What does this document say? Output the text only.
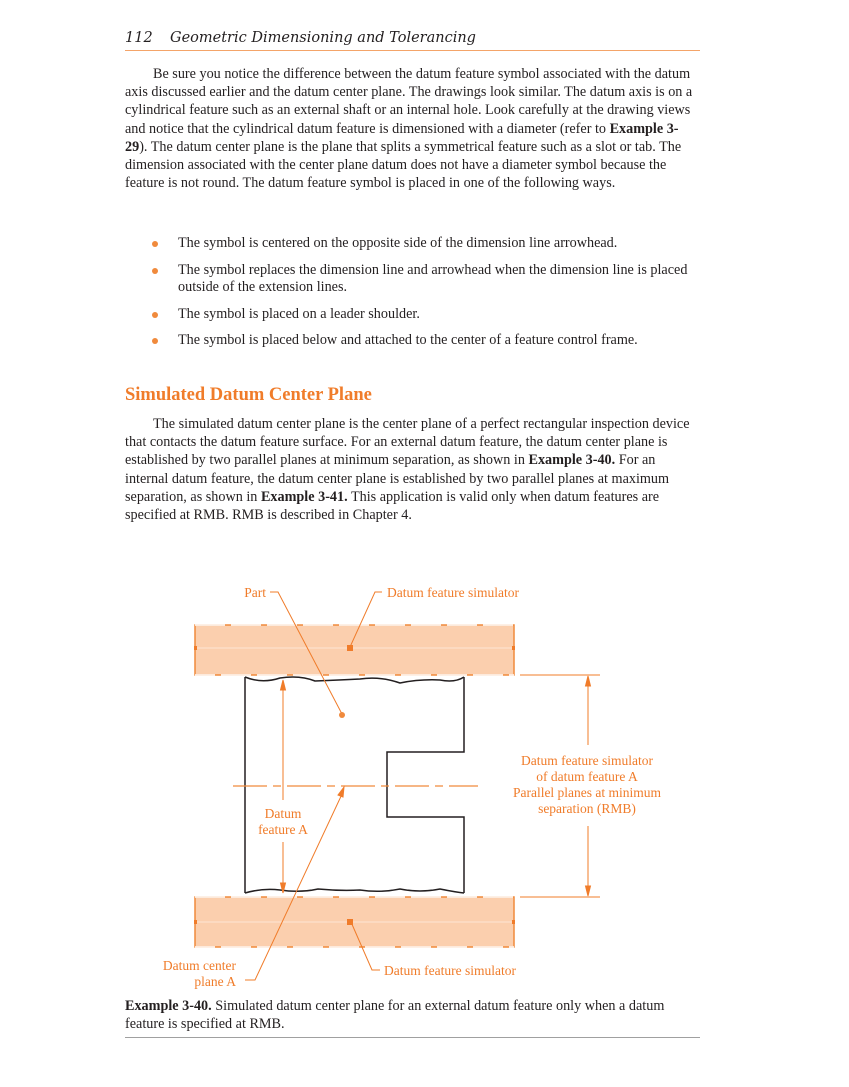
112 Geometric Dimensioning and Tolerancing
Be sure you notice the difference between the datum feature symbol associated with the datum axis discussed earlier and the datum center plane. The drawings look similar. The datum axis is on a cylindrical feature such as an external shaft or an internal hole. Look carefully at the drawing views and notice that the cylindrical datum feature is dimensioned with a diameter (refer to Example 3-29). The datum center plane is the plane that splits a symmetrical feature such as a slot or tab. The dimension associated with the center plane datum does not have a diameter symbol because the feature is not round. The datum feature symbol is placed in one of the following ways.
The symbol is centered on the opposite side of the dimension line arrowhead.
The symbol replaces the dimension line and arrowhead when the dimension line is placed outside of the extension lines.
The symbol is placed on a leader shoulder.
The symbol is placed below and attached to the center of a feature control frame.
Simulated Datum Center Plane
The simulated datum center plane is the center plane of a perfect rectangular inspection device that contacts the datum feature surface. For an external datum feature, the datum center plane is established by two parallel planes at minimum separation, as shown in Example 3-40. For an internal datum feature, the datum center plane is established by two parallel planes at maximum separation, as shown in Example 3-41. This application is valid only when datum features are specified at RMB. RMB is described in Chapter 4.
Datum
feature A
Datum feature simulator
of datum feature A
Parallel planes at minimum
separation (RMB)
Part	Datum feature simulator
Datum center
plane A
Datum feature simulator
Example 3-40. Simulated datum center plane for an external datum feature only when a datum feature is specified at RMB.
